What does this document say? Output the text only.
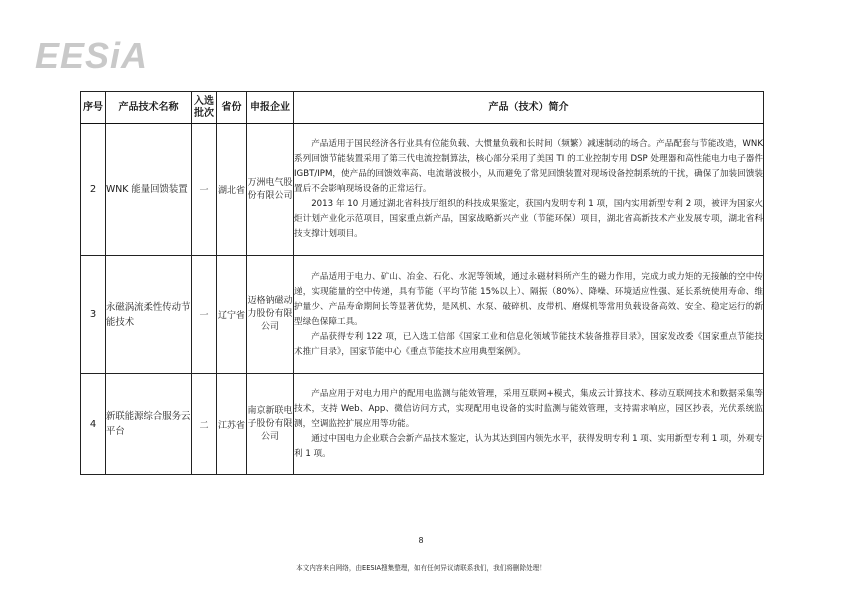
EESiA
序号	产品技术名称	入选批次	省份	申报企业	产品（技术）简介
2	WNK 能量回馈装置	一	湖北省	万洲电气股份有限公司	产品适用于国民经济各行业具有位能负载、大惯量负载和长时间（频繁）减速制动的场合。产品配套与节能改造，WNK 系列回馈节能装置采用了第三代电流控制算法，核心部分采用了美国 TI 的工业控制专用 DSP 处理器和高性能电力电子器件 IGBT/IPM，使产品的回馈效率高、电流谐波极小，从而避免了常见回馈装置对现场设备控制系统的干扰，确保了加装回馈装置后不会影响现场设备的正常运行。

2013 年 10 月通过湖北省科技厅组织的科技成果鉴定，获国内发明专利 1 项，国内实用新型专利 2 项，被评为国家火炬计划产业化示范项目，国家重点新产品，国家战略新兴产业（节能环保）项目，湖北省高新技术产业发展专项，湖北省科技支撑计划项目。

3	永磁涡流柔性传动节能技术	一	辽宁省	迈格钠磁动力股份有限公司	产品适用于电力、矿山、冶金、石化、水泥等领域，通过永磁材料所产生的磁力作用，完成力或力矩的无接触的空中传递，实现能量的空中传递，具有节能（平均节能 15%以上）、隔振（80%）、降噪、环境适应性强、延长系统使用寿命、维护量少、产品寿命期间长等显著优势，是风机、水泵、破碎机、皮带机、磨煤机等常用负载设备高效、安全、稳定运行的新型绿色保障工具。

产品获得专利 122 项，已入选工信部《国家工业和信息化领域节能技术装备推荐目录》，国家发改委《国家重点节能技术推广目录》，国家节能中心《重点节能技术应用典型案例》。

4	新联能源综合服务云平台	二	江苏省	南京新联电子股份有限公司	产品应用于对电力用户的配用电监测与能效管理，采用互联网+模式，集成云计算技术、移动互联网技术和数据采集等技术，支持 Web、App、微信访问方式，实现配用电设备的实时监测与能效管理，支持需求响应，园区抄表，光伏系统监测，空调监控扩展应用等功能。

通过中国电力企业联合会新产品技术鉴定，认为其达到国内领先水平，获得发明专利 1 项、实用新型专利 1 项，外观专利 1 项。

8
本文内容来自网络，由EESIA搜集整理，如有任何异议请联系我们，我们将删除处理！
